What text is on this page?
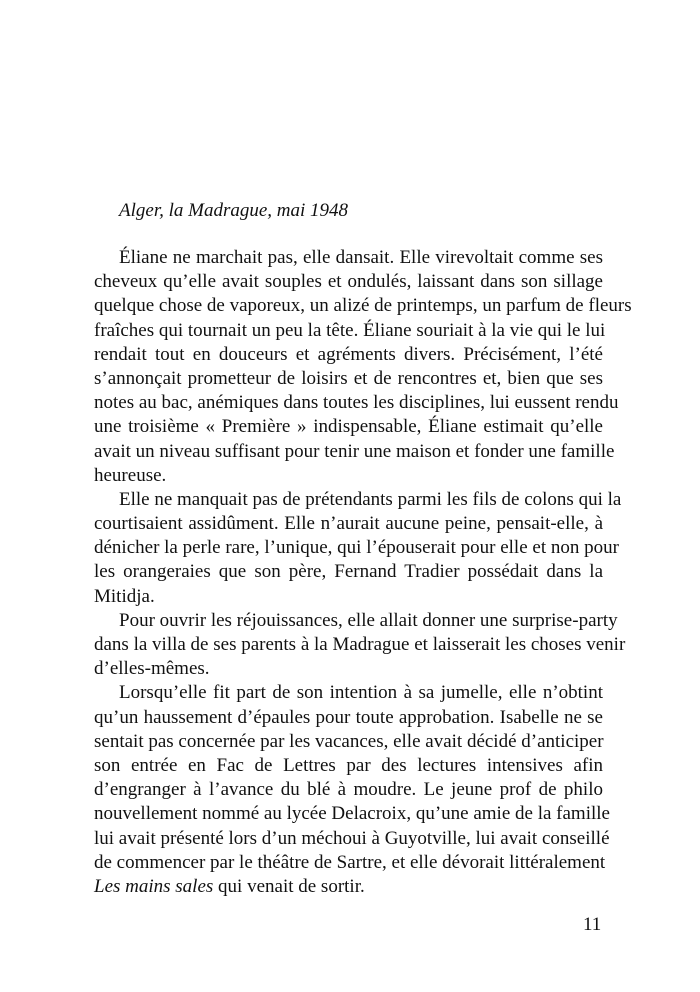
Alger, la Madrague, mai 1948
Éliane ne marchait pas, elle dansait. Elle virevoltait comme ses
cheveux qu’elle avait souples et ondulés, laissant dans son sillage
quelque chose de vaporeux, un alizé de printemps, un parfum de fleurs
fraîches qui tournait un peu la tête. Éliane souriait à la vie qui le lui
rendait tout en douceurs et agréments divers. Précisément, l’été
s’annonçait prometteur de loisirs et de rencontres et, bien que ses
notes au bac, anémiques dans toutes les disciplines, lui eussent rendu
une troisième « Première » indispensable, Éliane estimait qu’elle
avait un niveau suffisant pour tenir une maison et fonder une famille
heureuse.
Elle ne manquait pas de prétendants parmi les fils de colons qui la
courtisaient assidûment. Elle n’aurait aucune peine, pensait-elle, à
dénicher la perle rare, l’unique, qui l’épouserait pour elle et non pour
les orangeraies que son père, Fernand Tradier possédait dans la
Mitidja.
Pour ouvrir les réjouissances, elle allait donner une surprise-party
dans la villa de ses parents à la Madrague et laisserait les choses venir
d’elles-mêmes.
Lorsqu’elle fit part de son intention à sa jumelle, elle n’obtint
qu’un haussement d’épaules pour toute approbation. Isabelle ne se
sentait pas concernée par les vacances, elle avait décidé d’anticiper
son entrée en Fac de Lettres par des lectures intensives afin
d’engranger à l’avance du blé à moudre. Le jeune prof de philo
nouvellement nommé au lycée Delacroix, qu’une amie de la famille
lui avait présenté lors d’un méchoui à Guyotville, lui avait conseillé
de commencer par le théâtre de Sartre, et elle dévorait littéralement
Les mains sales qui venait de sortir.
11
